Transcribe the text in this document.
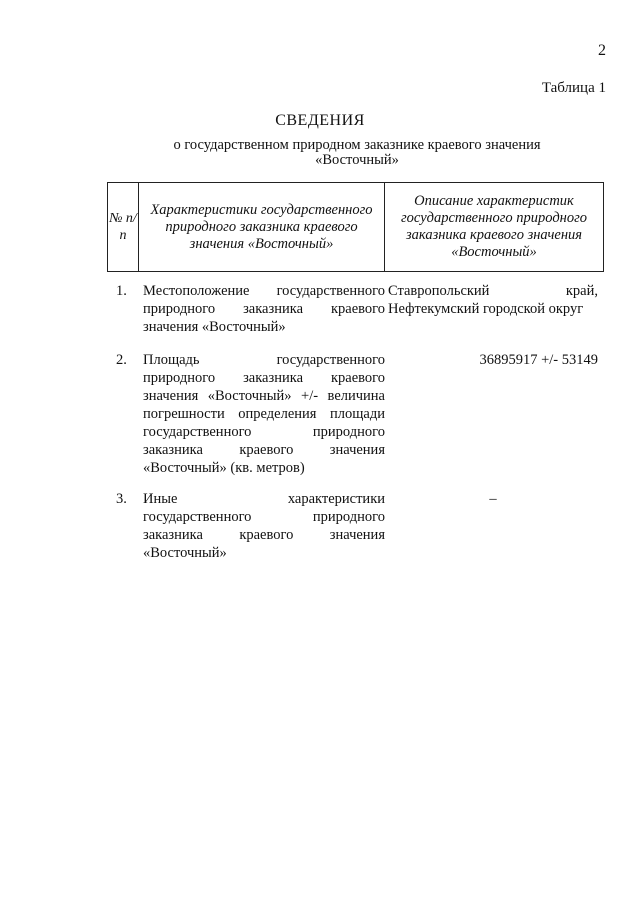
2
Таблица 1
СВЕДЕНИЯ
о государственном природном заказнике краевого значения «Восточный»
№ п/п
Характеристики государственного природного заказника краевого значения «Восточный»
Описание характеристик государственного природного заказника краевого значения «Восточный»
1. Местоположение государственного природного заказника краевого значения «Восточный»
Ставропольский край, Нефтекумский городской округ
2. Площадь государственного природного заказника краевого значения «Восточный» +/- величина погрешности определения площади государственного природного заказника краевого значения «Восточный» (кв. метров)
36895917 +/- 53149
3. Иные характеристики государственного природного заказника краевого значения «Восточный»
–
